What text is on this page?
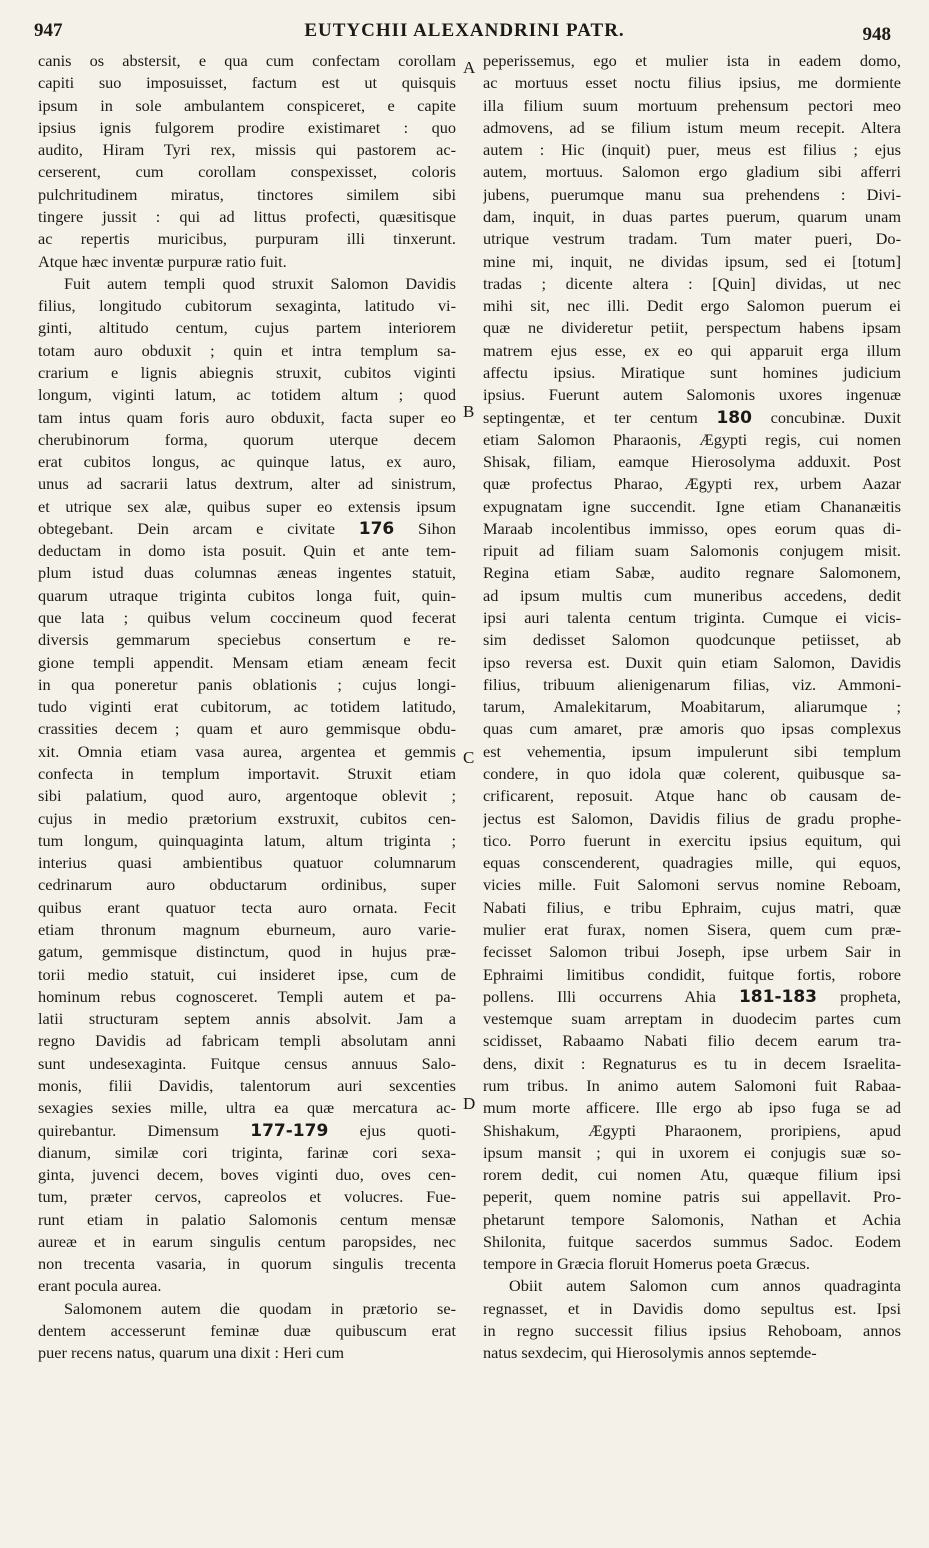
947	EUTYCHII ALEXANDRINI PATR.	948
A
B
C
D

canis os abstersit, e qua cum confectam corollam
capiti suo imposuisset, factum est ut quisquis
ipsum in sole ambulantem conspiceret, e capite
ipsius ignis fulgorem prodire existimaret : quo
audito, Hiram Tyri rex, missis qui pastorem ac-
cerserent, cum corollam conspexisset, coloris
pulchritudinem miratus, tinctores similem sibi
tingere jussit : qui ad littus profecti, quæsitisque
ac repertis muricibus, purpuram illi tinxerunt.
Atque hæc inventæ purpuræ ratio fuit.

Fuit autem templi quod struxit Salomon Davidis
filius, longitudo cubitorum sexaginta, latitudo vi-
ginti, altitudo centum, cujus partem interiorem
totam auro obduxit ; quin et intra templum sa-
crarium e lignis abiegnis struxit, cubitos viginti
longum, viginti latum, ac totidem altum ; quod
tam intus quam foris auro obduxit, facta super eo
cherubinorum forma, quorum uterque decem
erat cubitos longus, ac quinque latus, ex auro,
unus ad sacrarii latus dextrum, alter ad sinistrum,
et utrique sex alæ, quibus super eo extensis ipsum
obtegebant. Dein arcam e civitate 176 Sihon
deductam in domo ista posuit. Quin et ante tem-
plum istud duas columnas æneas ingentes statuit,
quarum utraque triginta cubitos longa fuit, quin-
que lata ; quibus velum coccineum quod fecerat
diversis gemmarum speciebus consertum e re-
gione templi appendit. Mensam etiam æneam fecit
in qua poneretur panis oblationis ; cujus longi-
tudo viginti erat cubitorum, ac totidem latitudo,
crassities decem ; quam et auro gemmisque obdu-
xit. Omnia etiam vasa aurea, argentea et gemmis
confecta in templum importavit. Struxit etiam
sibi palatium, quod auro, argentoque oblevit ;
cujus in medio prætorium exstruxit, cubitos cen-
tum longum, quinquaginta latum, altum triginta ;
interius quasi ambientibus quatuor columnarum
cedrinarum auro obductarum ordinibus, super
quibus erant quatuor tecta auro ornata. Fecit
etiam thronum magnum eburneum, auro varie-
gatum, gemmisque distinctum, quod in hujus præ-
torii medio statuit, cui insideret ipse, cum de
hominum rebus cognosceret. Templi autem et pa-
latii structuram septem annis absolvit. Jam a
regno Davidis ad fabricam templi absolutam anni
sunt undesexaginta. Fuitque census annuus Salo-
monis, filii Davidis, talentorum auri sexcenties
sexagies sexies mille, ultra ea quæ mercatura ac-
quirebantur. Dimensum 177-179 ejus quoti-
dianum, similæ cori triginta, farinæ cori sexa-
ginta, juvenci decem, boves viginti duo, oves cen-
tum, præter cervos, capreolos et volucres. Fue-
runt etiam in palatio Salomonis centum mensæ
aureæ et in earum singulis centum paropsides, nec
non trecenta vasaria, in quorum singulis trecenta
erant pocula aurea.

Salomonem autem die quodam in prætorio se-
dentem accesserunt feminæ duæ quibuscum erat
puer recens natus, quarum una dixit : Heri cum

peperissemus, ego et mulier ista in eadem domo,
ac mortuus esset noctu filius ipsius, me dormiente
illa filium suum mortuum prehensum pectori meo
admovens, ad se filium istum meum recepit. Altera
autem : Hic (inquit) puer, meus est filius ; ejus
autem, mortuus. Salomon ergo gladium sibi afferri
jubens, puerumque manu sua prehendens : Divi-
dam, inquit, in duas partes puerum, quarum unam
utrique vestrum tradam. Tum mater pueri, Do-
mine mi, inquit, ne dividas ipsum, sed ei [totum]
tradas ; dicente altera : [Quin] dividas, ut nec
mihi sit, nec illi. Dedit ergo Salomon puerum ei
quæ ne divideretur petiit, perspectum habens ipsam
matrem ejus esse, ex eo qui apparuit erga illum
affectu ipsius. Miratique sunt homines judicium
ipsius. Fuerunt autem Salomonis uxores ingenuæ
septingentæ, et ter centum 180 concubinæ. Duxit
etiam Salomon Pharaonis, Ægypti regis, cui nomen
Shisak, filiam, eamque Hierosolyma adduxit. Post
quæ profectus Pharao, Ægypti rex, urbem Aazar
expugnatam igne succendit. Igne etiam Chananæitis
Maraab incolentibus immisso, opes eorum quas di-
ripuit ad filiam suam Salomonis conjugem misit.
Regina etiam Sabæ, audito regnare Salomonem,
ad ipsum multis cum muneribus accedens, dedit
ipsi auri talenta centum triginta. Cumque ei vicis-
sim dedisset Salomon quodcunque petiisset, ab
ipso reversa est. Duxit quin etiam Salomon, Davidis
filius, tribuum alienigenarum filias, viz. Ammoni-
tarum, Amalekitarum, Moabitarum, aliarumque ;
quas cum amaret, præ amoris quo ipsas complexus
est vehementia, ipsum impulerunt sibi templum
condere, in quo idola quæ colerent, quibusque sa-
crificarent, reposuit. Atque hanc ob causam de-
jectus est Salomon, Davidis filius de gradu prophe-
tico. Porro fuerunt in exercitu ipsius equitum, qui
equas conscenderent, quadragies mille, qui equos,
vicies mille. Fuit Salomoni servus nomine Reboam,
Nabati filius, e tribu Ephraim, cujus matri, quæ
mulier erat furax, nomen Sisera, quem cum præ-
fecisset Salomon tribui Joseph, ipse urbem Sair in
Ephraimi limitibus condidit, fuitque fortis, robore
pollens. Illi occurrens Ahia 181-183 propheta,
vestemque suam arreptam in duodecim partes cum
scidisset, Rabaamo Nabati filio decem earum tra-
dens, dixit : Regnaturus es tu in decem Israelita-
rum tribus. In animo autem Salomoni fuit Rabaa-
mum morte afficere. Ille ergo ab ipso fuga se ad
Shishakum, Ægypti Pharaonem, proripiens, apud
ipsum mansit ; qui in uxorem ei conjugis suæ so-
rorem dedit, cui nomen Atu, quæque filium ipsi
peperit, quem nomine patris sui appellavit. Pro-
phetarunt tempore Salomonis, Nathan et Achia
Shilonita, fuitque sacerdos summus Sadoc. Eodem
tempore in Græcia floruit Homerus poeta Græcus.

Obiit autem Salomon cum annos quadraginta
regnasset, et in Davidis domo sepultus est. Ipsi
in regno successit filius ipsius Rehoboam, annos
natus sexdecim, qui Hierosolymis annos septemde-
